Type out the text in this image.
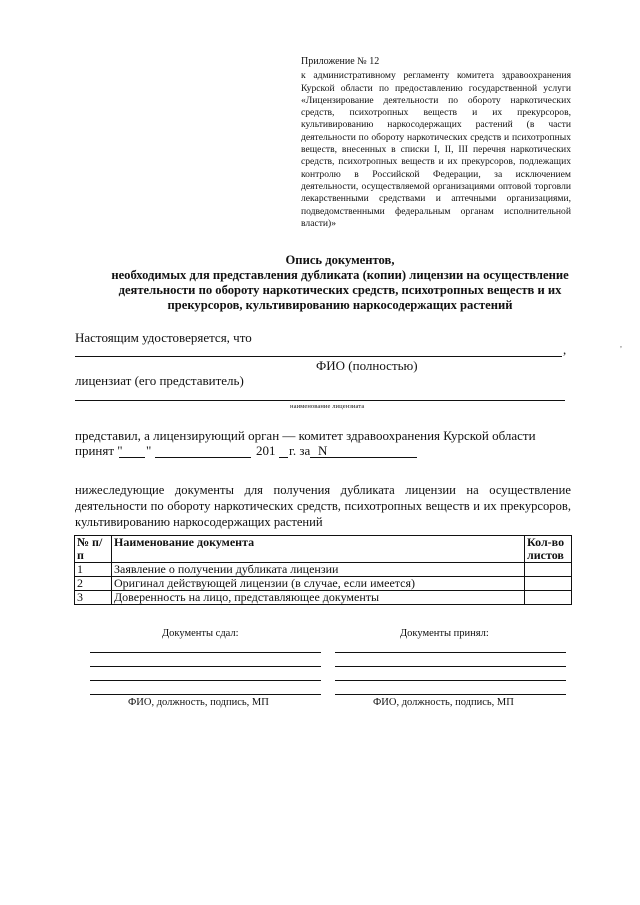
Приложение № 12
к административному регламенту комитета здравоохранения Курской области по предоставлению государственной услуги «Лицензирование деятельности по обороту наркотических средств, психотропных веществ и их прекурсоров, культивированию наркосодержащих растений (в части деятельности по обороту наркотических средств и психотропных веществ, внесенных в списки I, II, III перечня наркотических средств, психотропных веществ и их прекурсоров, подлежащих контролю в Российской Федерации, за исключением деятельности, осуществляемой организациями оптовой торговли лекарственными средствами и аптечными организациями, подведомственными федеральным органам исполнительной власти)»
Опись документов,
необходимых для представления дубликата (копии) лицензии на осуществление
деятельности по обороту наркотических средств, психотропных веществ и их
прекурсоров, культивированию наркосодержащих растений
Настоящим удостоверяется, что
,
ФИО (полностью)
лицензиат (его представитель)
наименование лицензиата
представил, а лицензирующий орган — комитет здравоохранения Курской области
принят " "	201 г. за N
нижеследующие документы для получения дубликата лицензии на осуществление деятельности по обороту наркотических средств, психотропных веществ и их прекурсоров, культивированию наркосодержащих растений
№ п/п	Наименование документа	Кол-во листов
1	Заявление о получении дубликата лицензии	
2	Оригинал действующей лицензии (в случае, если имеется)	
3	Доверенность на лицо, представляющее документы	
Документы сдал:	Документы принял:
ФИО, должность, подпись, МП	ФИО, должность, подпись, МП
,
